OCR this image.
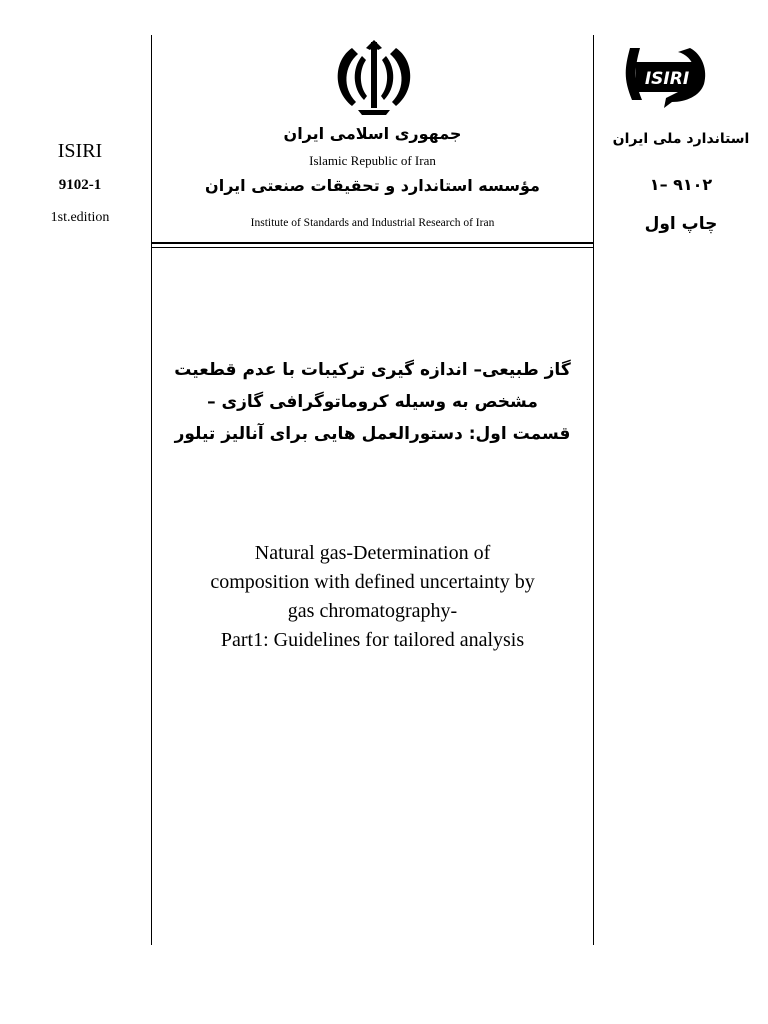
ISIRI
9102-1
1st.edition
جمهوری اسلامی ایران
Islamic Republic of Iran
مؤسسه استاندارد و تحقیقات صنعتی ایران
Institute of Standards and Industrial Research of Iran
ISIRI
استاندارد ملی ایران
۱– ۹۱۰۲
چاپ اول
گاز طبیعی– اندازه گیری ترکیبات با عدم قطعیت
مشخص به وسیله کروماتوگرافی گازی –
قسمت اول: دستورالعمل هایی برای آنالیز تیلور
Natural gas-Determination of
composition with defined uncertainty by
gas chromatography-
Part1: Guidelines for tailored analysis
